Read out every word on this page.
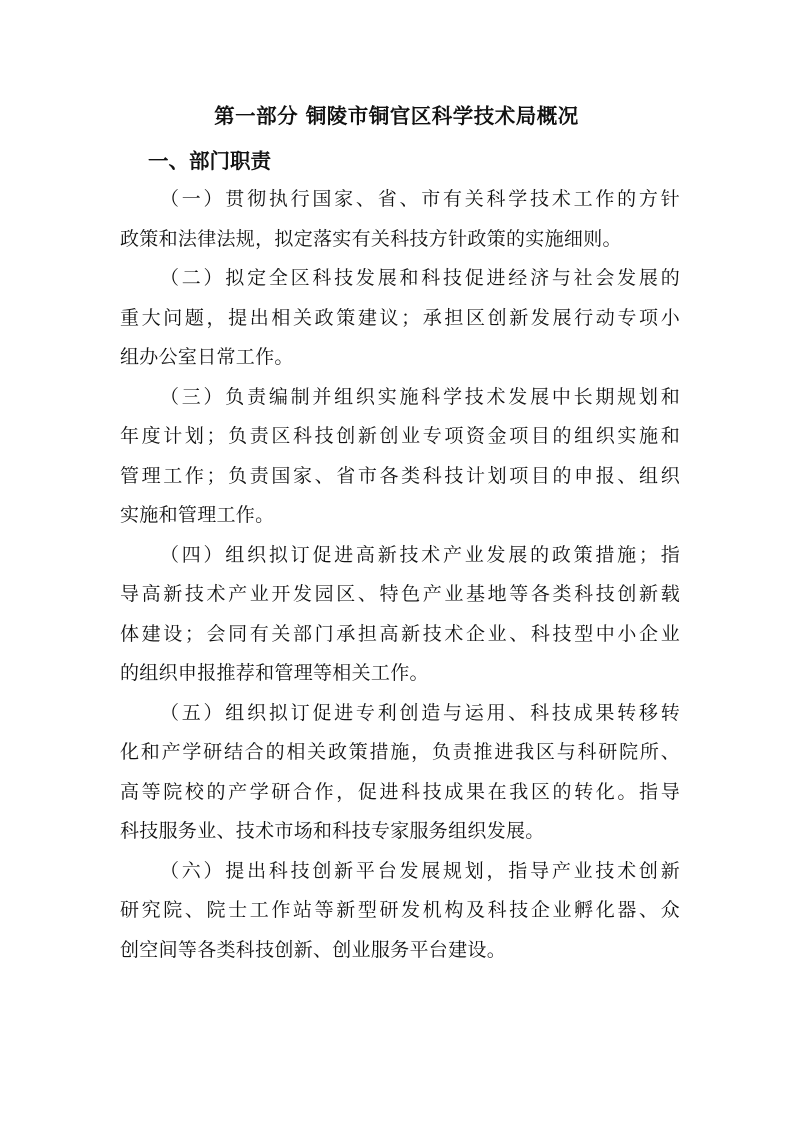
第一部分 铜陵市铜官区科学技术局概况
一、部门职责

（一）贯彻执行国家、省、市有关科学技术工作的方针
政策和法律法规，拟定落实有关科技方针政策的实施细则。

（二）拟定全区科技发展和科技促进经济与社会发展的
重大问题，提出相关政策建议；承担区创新发展行动专项小
组办公室日常工作。

（三）负责编制并组织实施科学技术发展中长期规划和
年度计划；负责区科技创新创业专项资金项目的组织实施和
管理工作；负责国家、省市各类科技计划项目的申报、组织
实施和管理工作。

（四）组织拟订促进高新技术产业发展的政策措施；指
导高新技术产业开发园区、特色产业基地等各类科技创新载
体建设；会同有关部门承担高新技术企业、科技型中小企业
的组织申报推荐和管理等相关工作。

（五）组织拟订促进专利创造与运用、科技成果转移转
化和产学研结合的相关政策措施，负责推进我区与科研院所、
高等院校的产学研合作，促进科技成果在我区的转化。指导
科技服务业、技术市场和科技专家服务组织发展。

（六）提出科技创新平台发展规划，指导产业技术创新
研究院、院士工作站等新型研发机构及科技企业孵化器、众
创空间等各类科技创新、创业服务平台建设。
